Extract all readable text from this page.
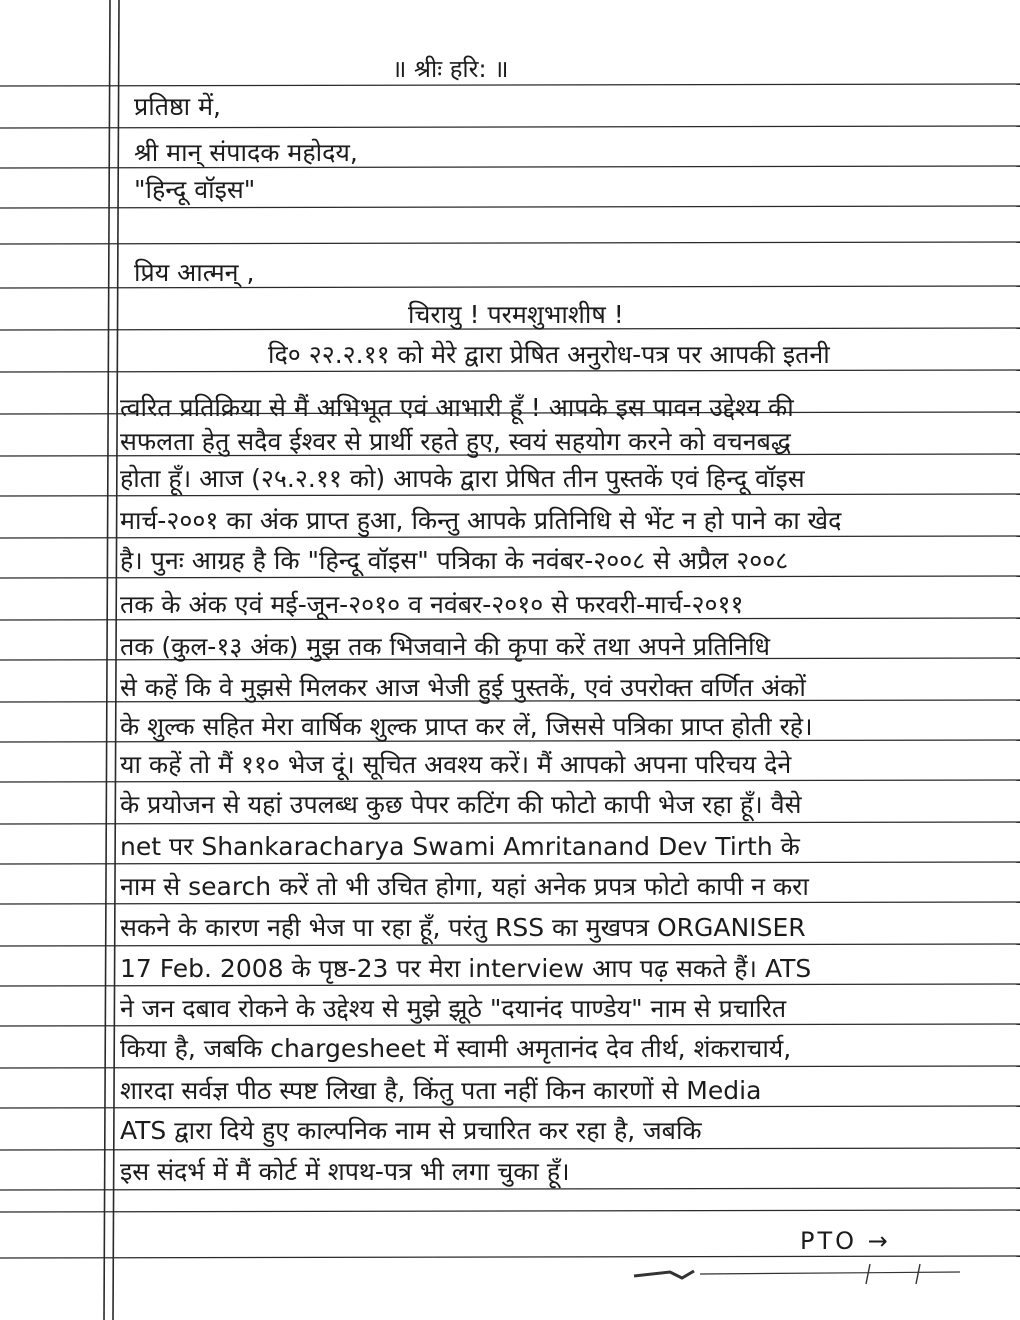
॥ श्रीः हरि: ॥
प्रतिष्ठा में,
श्री मान् संपादक महोदय,
"हिन्दू वॉइस"
प्रिय आत्मन् ,
चिरायु ! परमशुभाशीष !
दि० २२.२.११ को मेरे द्वारा प्रेषित अनुरोध-पत्र पर आपकी इतनी
त्वरित प्रतिक्रिया से मैं अभिभूत एवं आभारी हूँ ! आपके इस पावन उद्देश्य की
सफलता हेतु सदैव ईश्वर से प्रार्थी रहते हुए, स्वयं सहयोग करने को वचनबद्ध
होता हूँ। आज (२५.२.११ को) आपके द्वारा प्रेषित तीन पुस्तकें एवं हिन्दू वॉइस
मार्च-२००१ का अंक प्राप्त हुआ, किन्तु आपके प्रतिनिधि से भेंट न हो पाने का खेद
है। पुनः आग्रह है कि "हिन्दू वॉइस" पत्रिका के नवंबर-२००८ से अप्रैल २००८
तक के अंक एवं मई-जून-२०१० व नवंबर-२०१० से फरवरी-मार्च-२०११
तक (कुल-१३ अंक) मुझ तक भिजवाने की कृपा करें तथा अपने प्रतिनिधि
से कहें कि वे मुझसे मिलकर आज भेजी हुई पुस्तकें, एवं उपरोक्त वर्णित अंकों
के शुल्क सहित मेरा वार्षिक शुल्क प्राप्त कर लें, जिससे पत्रिका प्राप्त होती रहे।
या कहें तो मैं ११० भेज दूं। सूचित अवश्य करें। मैं आपको अपना परिचय देने
के प्रयोजन से यहां उपलब्ध कुछ पेपर कटिंग की फोटो कापी भेज रहा हूँ। वैसे
net पर Shankaracharya Swami Amritanand Dev Tirth के
नाम से search करें तो भी उचित होगा, यहां अनेक प्रपत्र फोटो कापी न करा
सकने के कारण नही भेज पा रहा हूँ, परंतु RSS का मुखपत्र ORGANISER
17 Feb. 2008 के पृष्ठ-23 पर मेरा interview आप पढ़ सकते हैं। ATS
ने जन दबाव रोकने के उद्देश्य से मुझे झूठे "दयानंद पाण्डेय" नाम से प्रचारित
किया है, जबकि chargesheet में स्वामी अमृतानंद देव तीर्थ, शंकराचार्य,
शारदा सर्वज्ञ पीठ स्पष्ट लिखा है, किंतु पता नहीं किन कारणों से Media
ATS द्वारा दिये हुए काल्पनिक नाम से प्रचारित कर रहा है, जबकि
इस संदर्भ में मैं कोर्ट में शपथ-पत्र भी लगा चुका हूँ।
PTO →
